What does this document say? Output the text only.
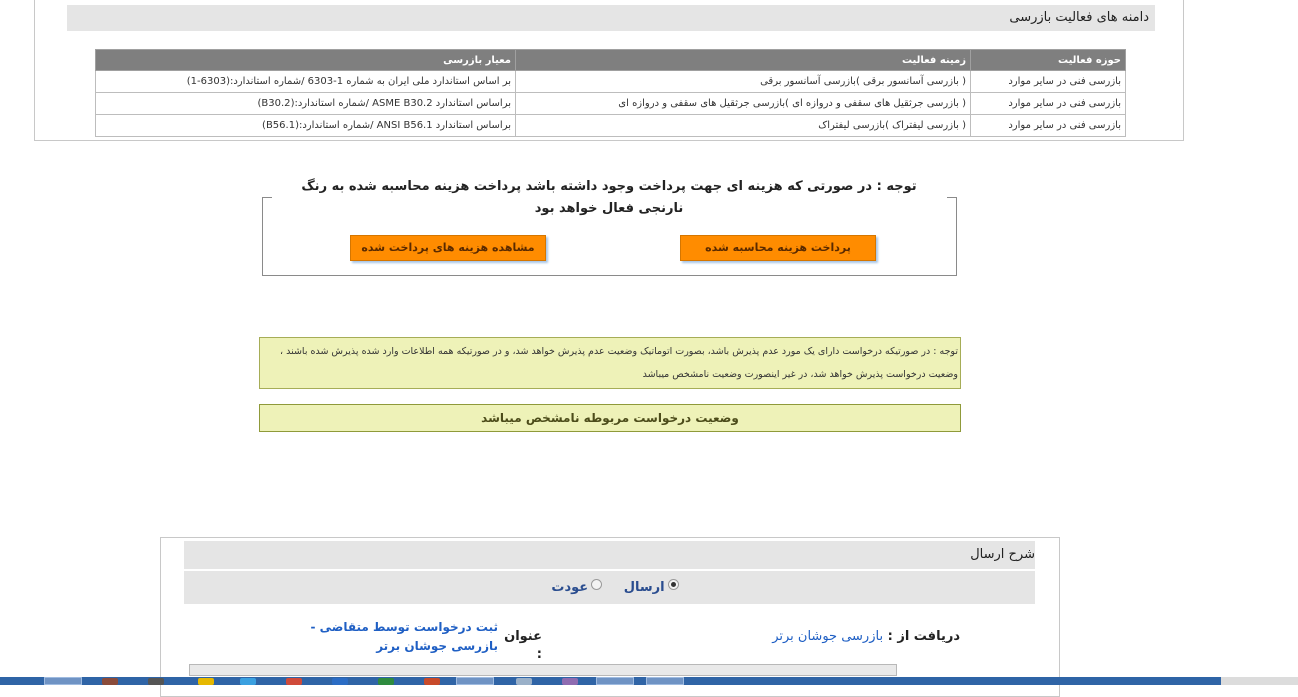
دامنه های فعالیت بازرسی
حوزه فعالیت	زمینه فعالیت	معیار بازرسی
بازرسی فنی در سایر موارد	( بازرسی آسانسور برقی )بازرسی آسانسور برقی	بر اساس استاندارد ملی ایران به شماره 1-6303 /شماره استاندارد:(6303-1)
بازرسی فنی در سایر موارد	( بازرسی جرثقیل های سقفی و دروازه ای )بازرسی جرثقیل های سقفی و دروازه ای	براساس استاندارد ASME B30.2 /شماره استاندارد:(B30.2)
بازرسی فنی در سایر موارد	( بازرسی لیفتراک )بازرسی لیفتراک	براساس استاندارد ANSI B56.1 /شماره استاندارد:(B56.1)
توجه : در صورتی که هزینه ای جهت پرداخت وجود داشته باشد پرداخت هزینه محاسبه شده به رنگ نارنجی فعال خواهد بود
پرداخت هزینه محاسبه شده
مشاهده هزینه های پرداخت شده
توجه : در صورتیکه درخواست دارای یک مورد عدم پذیرش باشد، بصورت اتوماتیک وضعیت عدم پذیرش خواهد شد، و در صورتیکه همه اطلاعات وارد شده پذیرش شده باشند ، وضعیت درخواست پذیرش خواهد شد، در غیر اینصورت وضعیت نامشخص میباشد
وضعیت درخواست مربوطه نامشخص میباشد
شرح ارسال
ارسال عودت
دریافت از : بازرسی جوشان برتر
عنوان :
ثبت درخواست توسط متقاضی - بازرسی جوشان برتر
